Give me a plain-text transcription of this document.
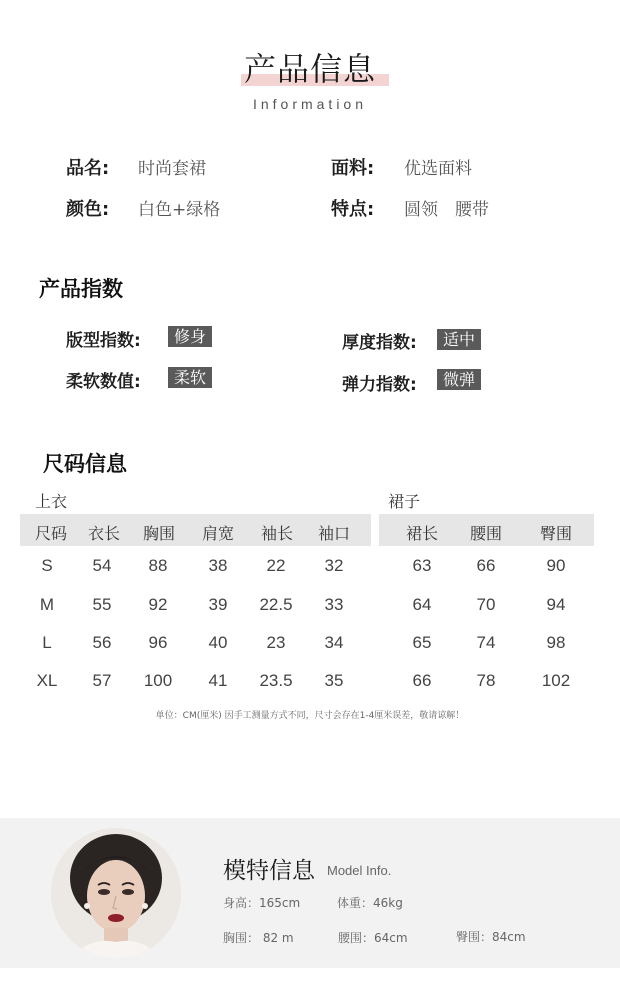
产品信息
Information
品名: 时尚套裙	面料: 优选面料
颜色: 白色+绿格	特点: 圆领　腰带
产品指数
版型指数:	修身	厚度指数:	适中
柔软数值:	柔软	弹力指数:	微弹
尺码信息
上衣	裙子
尺码	衣长	胸围	肩宽	袖长	袖口	裙长	腰围	臀围
S	54	88	38	22	32	63	66	90
M	55	92	39	22.5	33	64	70	94
L	56	96	40	23	34	65	74	98
XL	57	100	41	23.5	35	66	78	102
单位：CM(厘米) 因手工测量方式不同，尺寸会存在1-4厘米误差，敬请谅解！
模特信息 Model Info.
身高：165cm	体重：46kg
胸围： 82 m	腰围：64cm	臀围：84cm
